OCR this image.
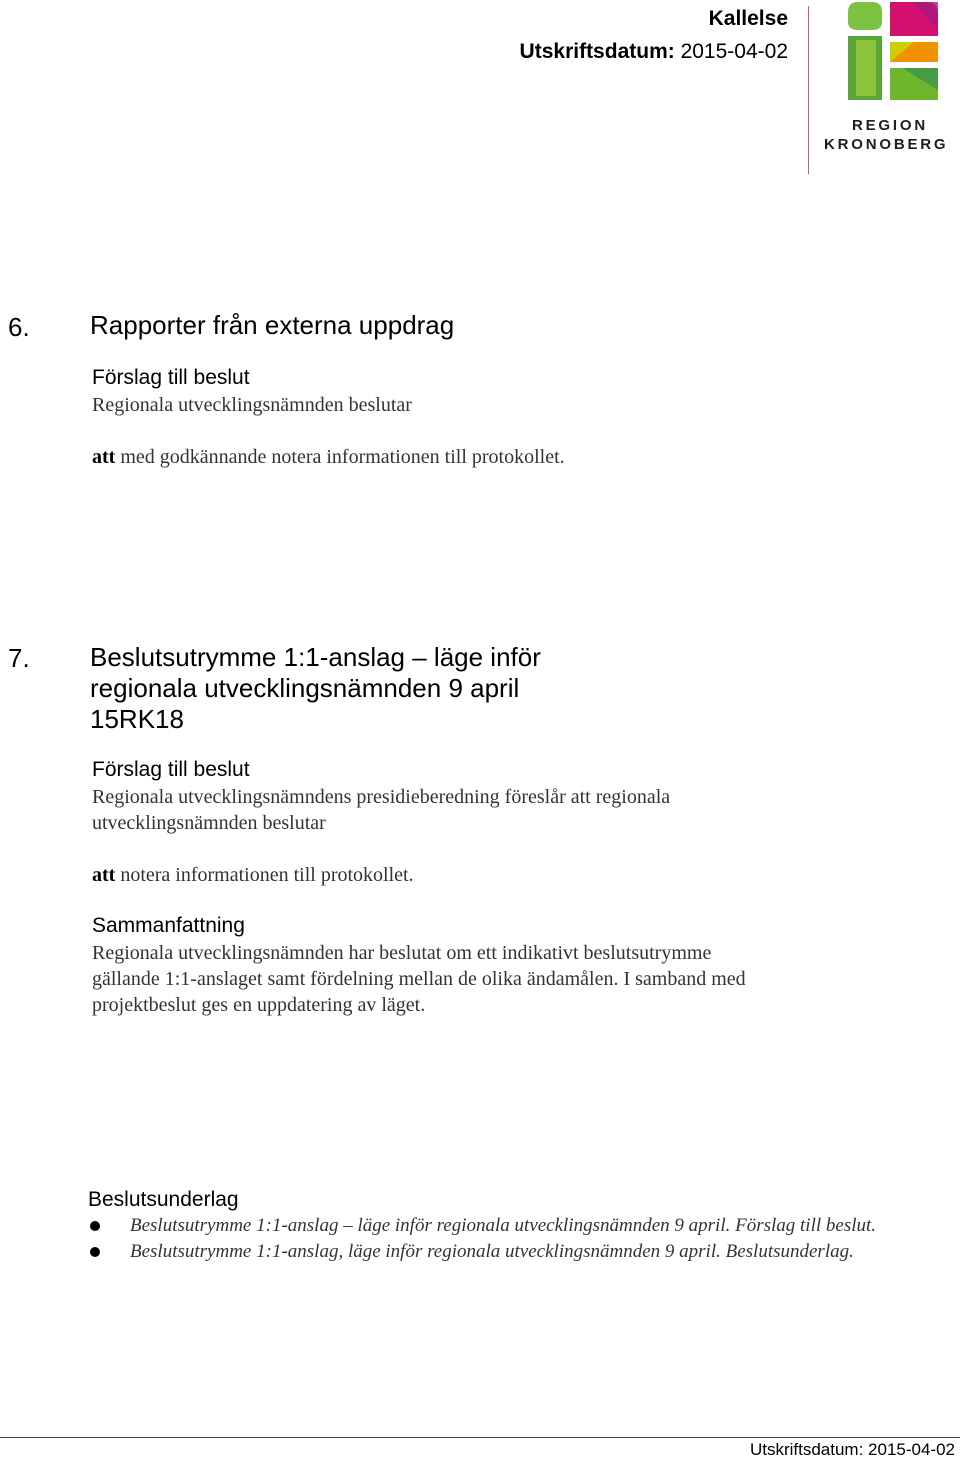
Kallelse
Utskriftsdatum: 2015-04-02
REGION
KRONOBERG
6. Rapporter från externa uppdrag
Förslag till beslut
Regionala utvecklingsnämnden beslutar
att med godkännande notera informationen till protokollet.
7. Beslutsutrymme 1:1-anslag – läge inför
regionala utvecklingsnämnden 9 april
15RK18
Förslag till beslut
Regionala utvecklingsnämndens presidieberedning föreslår att regionala
utvecklingsnämnden beslutar
att notera informationen till protokollet.
Sammanfattning
Regionala utvecklingsnämnden har beslutat om ett indikativt beslutsutrymme
gällande 1:1-anslaget samt fördelning mellan de olika ändamålen. I samband med
projektbeslut ges en uppdatering av läget.
Beslutsunderlag
Beslutsutrymme 1:1-anslag – läge inför regionala utvecklingsnämnden 9 april. Förslag till beslut.
Beslutsutrymme 1:1-anslag, läge inför regionala utvecklingsnämnden 9 april. Beslutsunderlag.
Utskriftsdatum: 2015-04-02
